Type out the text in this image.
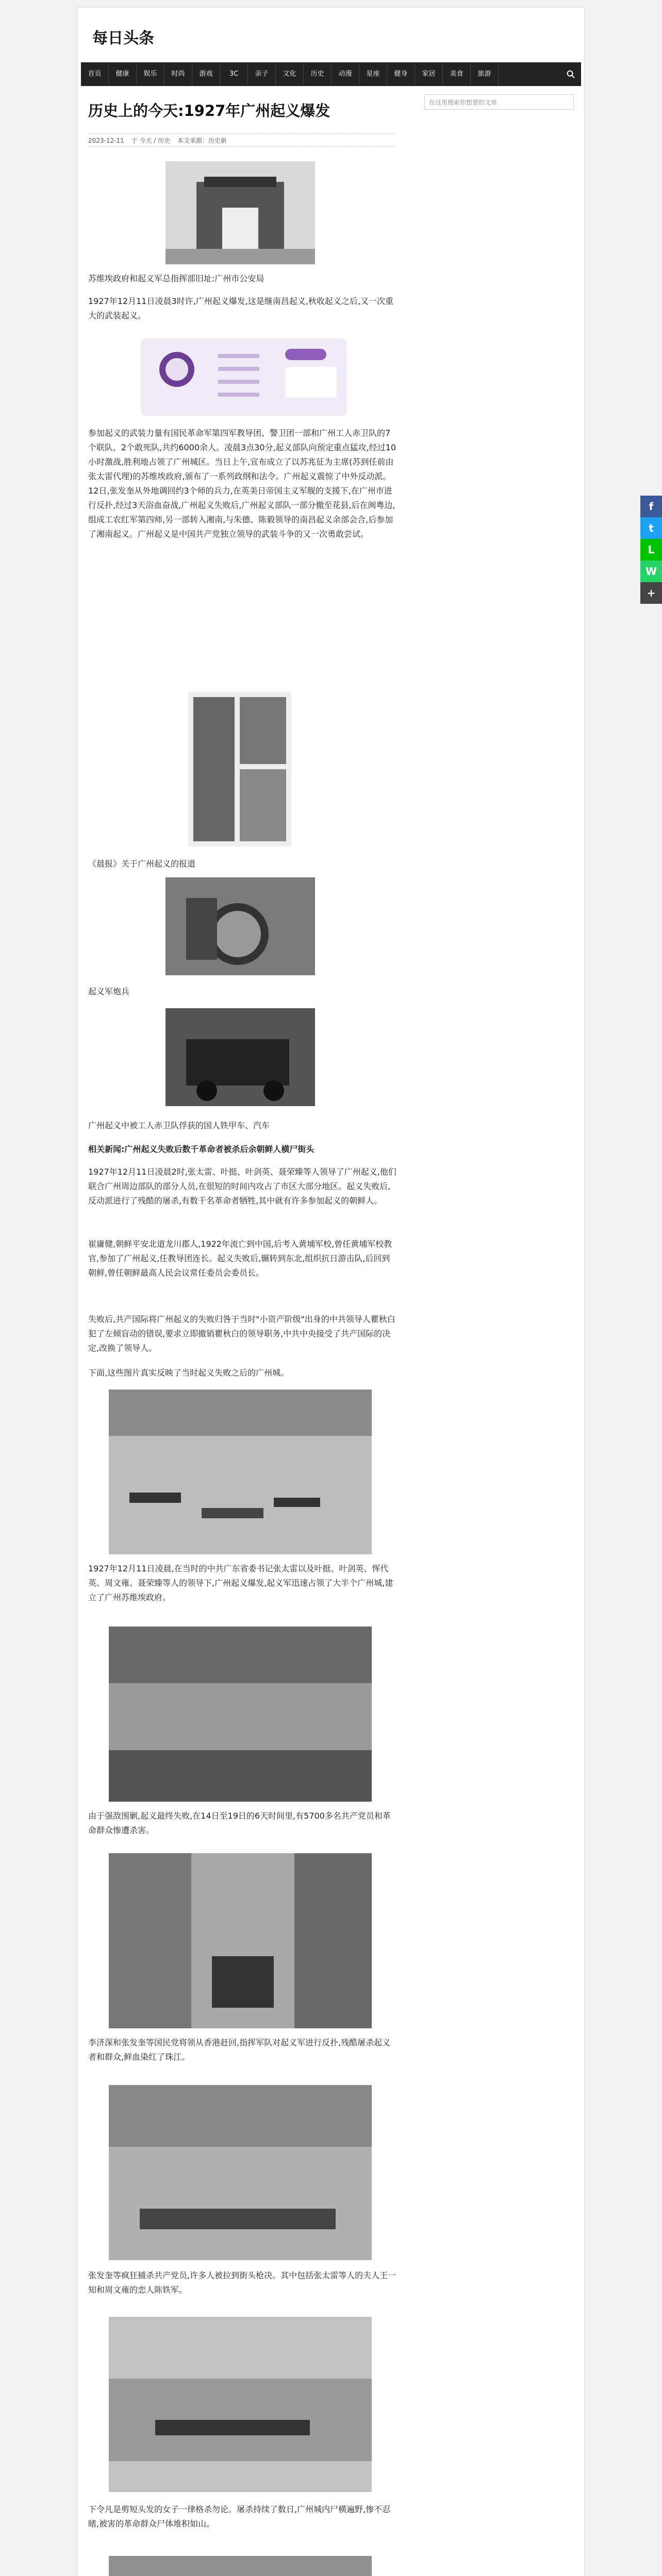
每日头条
首页	健康	娱乐	时尚	游戏	3C	亲子	文化	历史	动漫	星座	健身	家居	美食	旅游
历史上的今天:1927年广州起义爆发
2023-12-11 于 今天 / 历史 本文来源：历史新
苏维埃政府和起义军总指挥部旧址:广州市公安局
1927年12月11日凌晨3时许,广州起义爆发,这是继南昌起义,秋收起义之后,又一次重大的武装起义。
参加起义的武装力量有国民革命军第四军教导团、警卫团一部和广州工人赤卫队的7个联队、2个敢死队,共约6000余人。凌晨3点30分,起义部队向预定重点猛攻,经过10小时激战,胜利地占领了广州城区。当日上午,宣布成立了以苏兆征为主席(苏到任前由张太雷代理)的苏维埃政府,颁布了一系列政纲和法令。广州起义震惊了中外反动派。12日,张发奎从外地调回约3个师的兵力,在英美日帝国主义军舰的支援下,在广州市进行反扑,经过3天浴血奋战,广州起义失败后,广州起义部队一部分撤至花县,后在闽粤边,组成工农红军第四师,另一部转入湘南,与朱德、陈毅领导的南昌起义余部会合,后参加了湘南起义。广州起义是中国共产党独立领导的武装斗争的又一次勇敢尝试。
《晨报》关于广州起义的报道
起义军炮兵
广州起义中被工人赤卫队俘获的国人铁甲车、汽车
相关新闻:广州起义失败后数千革命者被杀后余朝鲜人横尸街头
1927年12月11日凌晨2时,张太雷、叶挺、叶剑英、聂荣臻等人领导了广州起义,他们联合广州周边部队的部分人员,在很短的时间内攻占了市区大部分地区。起义失败后,反动派进行了残酷的屠杀,有数千名革命者牺牲,其中就有许多参加起义的朝鲜人。
崔庸健,朝鲜平安北道龙川郡人,1922年流亡到中国,后考入黄埔军校,曾任黄埔军校教官,参加了广州起义,任教导团连长。起义失败后,辗转到东北,组织抗日游击队,后回到朝鲜,曾任朝鲜最高人民会议常任委员会委员长。
失败后,共产国际将广州起义的失败归咎于当时"小资产阶级"出身的中共领导人瞿秋白犯了左倾盲动的错误,要求立即撤销瞿秋白的领导职务,中共中央接受了共产国际的决定,改换了领导人。
下面,这些图片真实反映了当时起义失败之后的广州城。
1927年12月11日凌晨,在当时的中共广东省委书记张太雷以及叶挺、叶剑英、恽代英、周文雍、聂荣臻等人的领导下,广州起义爆发,起义军迅速占领了大半个广州城,建立了广州苏维埃政府。
由于强敌围剿,起义最终失败,在14日至19日的6天时间里,有5700多名共产党员和革命群众惨遭杀害。
李济深和张发奎等国民党将领从香港赶回,指挥军队对起义军进行反扑,残酷屠杀起义者和群众,鲜血染红了珠江。
张发奎等疯狂捕杀共产党员,许多人被拉到街头枪决。其中包括张太雷等人的夫人王一知和周文雍的恋人陈铁军。
下令凡是剪短头发的女子一律格杀勿论。屠杀持续了数日,广州城内尸横遍野,惨不忍睹,被害的革命群众尸体堆积如山。
在这里搜索你想要的文章
f
t
L
W
+
